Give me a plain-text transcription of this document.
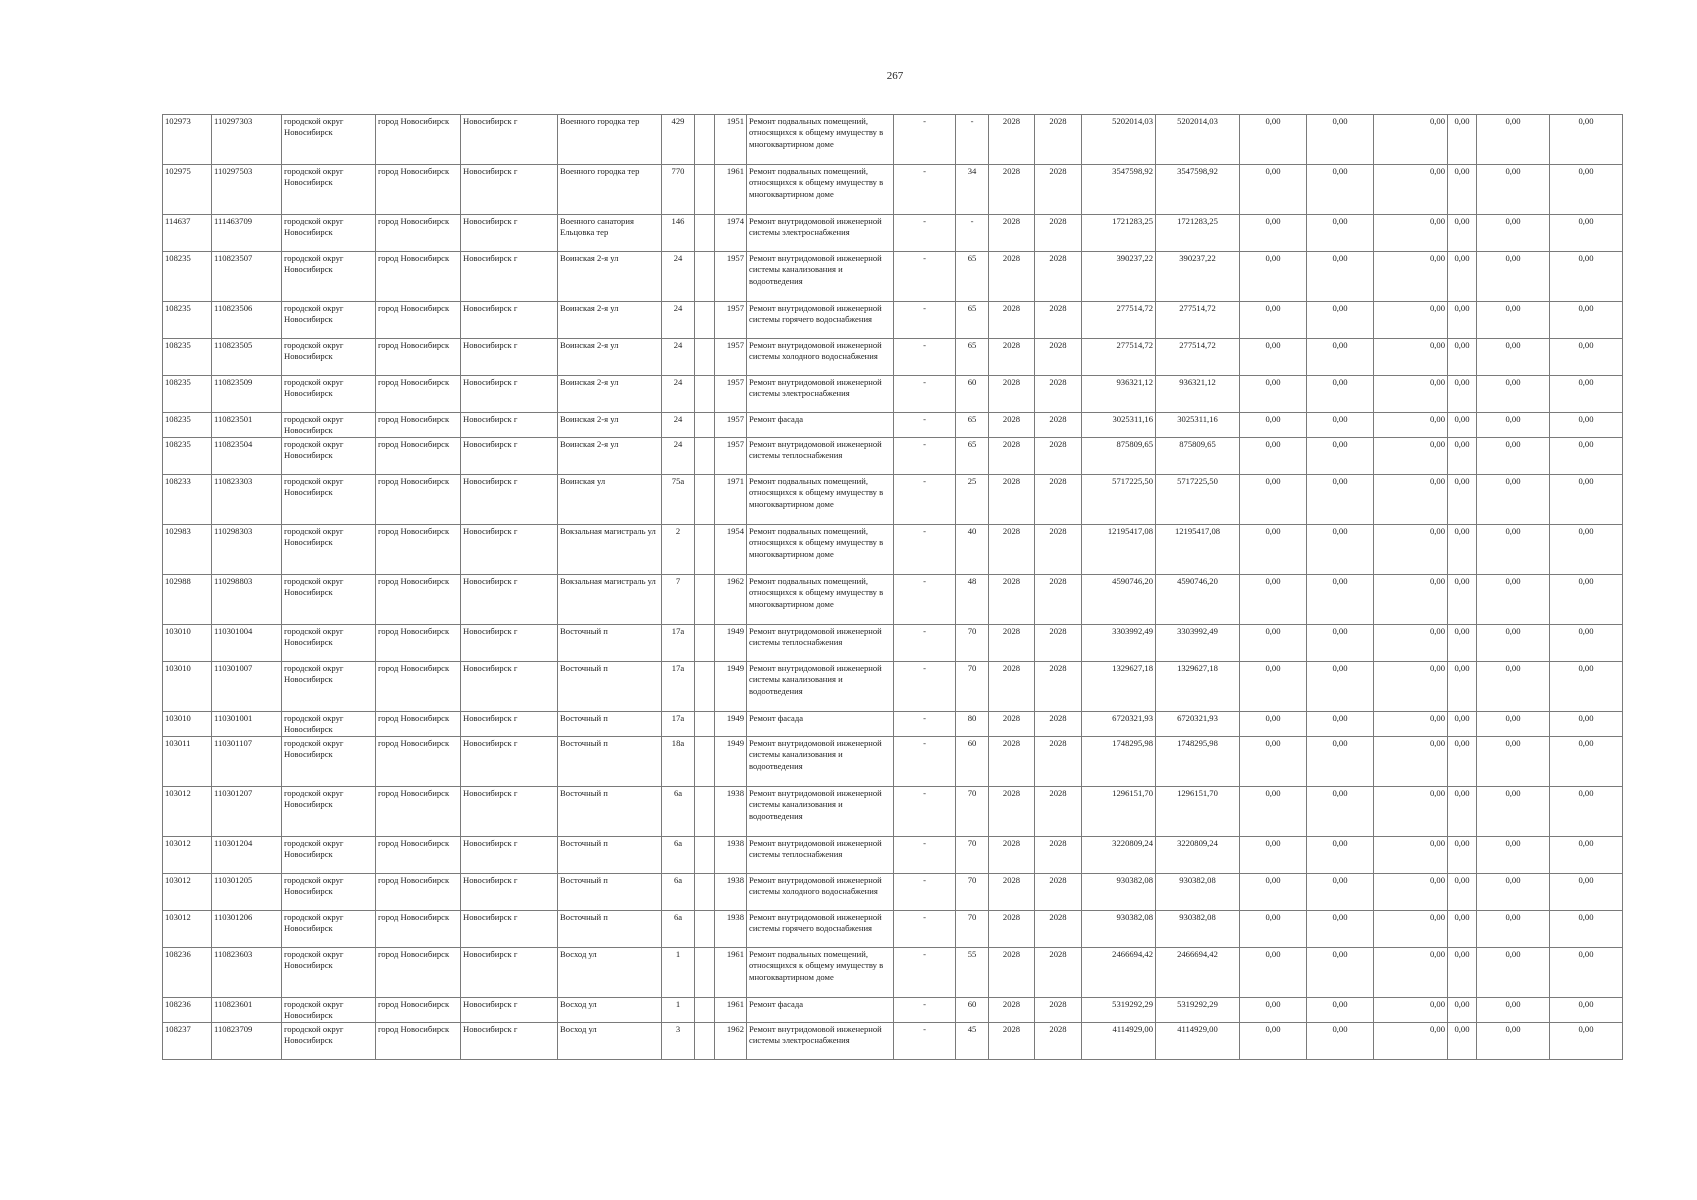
267
102973	110297303	городской округ Новосибирск	город Новосибирск	Новосибирск г	Военного городка тер	429		1951	Ремонт подвальных помещений, относящихся к общему имуществу в многоквартирном доме	-	-	2028	2028	5202014,03	5202014,03	0,00	0,00	0,00	0,00	0,00	0,00
102975	110297503	городской округ Новосибирск	город Новосибирск	Новосибирск г	Военного городка тер	770		1961	Ремонт подвальных помещений, относящихся к общему имуществу в многоквартирном доме	-	34	2028	2028	3547598,92	3547598,92	0,00	0,00	0,00	0,00	0,00	0,00
114637	111463709	городской округ Новосибирск	город Новосибирск	Новосибирск г	Военного санатория Ельцовка тер	146		1974	Ремонт внутридомовой инженерной системы электроснабжения	-	-	2028	2028	1721283,25	1721283,25	0,00	0,00	0,00	0,00	0,00	0,00
108235	110823507	городской округ Новосибирск	город Новосибирск	Новосибирск г	Воинская 2-я ул	24		1957	Ремонт внутридомовой инженерной системы канализования и водоотведения	-	65	2028	2028	390237,22	390237,22	0,00	0,00	0,00	0,00	0,00	0,00
108235	110823506	городской округ Новосибирск	город Новосибирск	Новосибирск г	Воинская 2-я ул	24		1957	Ремонт внутридомовой инженерной системы горячего водоснабжения	-	65	2028	2028	277514,72	277514,72	0,00	0,00	0,00	0,00	0,00	0,00
108235	110823505	городской округ Новосибирск	город Новосибирск	Новосибирск г	Воинская 2-я ул	24		1957	Ремонт внутридомовой инженерной системы холодного водоснабжения	-	65	2028	2028	277514,72	277514,72	0,00	0,00	0,00	0,00	0,00	0,00
108235	110823509	городской округ Новосибирск	город Новосибирск	Новосибирск г	Воинская 2-я ул	24		1957	Ремонт внутридомовой инженерной системы электроснабжения	-	60	2028	2028	936321,12	936321,12	0,00	0,00	0,00	0,00	0,00	0,00
108235	110823501	городской округ Новосибирск	город Новосибирск	Новосибирск г	Воинская 2-я ул	24		1957	Ремонт фасада	-	65	2028	2028	3025311,16	3025311,16	0,00	0,00	0,00	0,00	0,00	0,00
108235	110823504	городской округ Новосибирск	город Новосибирск	Новосибирск г	Воинская 2-я ул	24		1957	Ремонт внутридомовой инженерной системы теплоснабжения	-	65	2028	2028	875809,65	875809,65	0,00	0,00	0,00	0,00	0,00	0,00
108233	110823303	городской округ Новосибирск	город Новосибирск	Новосибирск г	Воинская ул	75а		1971	Ремонт подвальных помещений, относящихся к общему имуществу в многоквартирном доме	-	25	2028	2028	5717225,50	5717225,50	0,00	0,00	0,00	0,00	0,00	0,00
102983	110298303	городской округ Новосибирск	город Новосибирск	Новосибирск г	Вокзальная магистраль ул	2		1954	Ремонт подвальных помещений, относящихся к общему имуществу в многоквартирном доме	-	40	2028	2028	12195417,08	12195417,08	0,00	0,00	0,00	0,00	0,00	0,00
102988	110298803	городской округ Новосибирск	город Новосибирск	Новосибирск г	Вокзальная магистраль ул	7		1962	Ремонт подвальных помещений, относящихся к общему имуществу в многоквартирном доме	-	48	2028	2028	4590746,20	4590746,20	0,00	0,00	0,00	0,00	0,00	0,00
103010	110301004	городской округ Новосибирск	город Новосибирск	Новосибирск г	Восточный п	17а		1949	Ремонт внутридомовой инженерной системы теплоснабжения	-	70	2028	2028	3303992,49	3303992,49	0,00	0,00	0,00	0,00	0,00	0,00
103010	110301007	городской округ Новосибирск	город Новосибирск	Новосибирск г	Восточный п	17а		1949	Ремонт внутридомовой инженерной системы канализования и водоотведения	-	70	2028	2028	1329627,18	1329627,18	0,00	0,00	0,00	0,00	0,00	0,00
103010	110301001	городской округ Новосибирск	город Новосибирск	Новосибирск г	Восточный п	17а		1949	Ремонт фасада	-	80	2028	2028	6720321,93	6720321,93	0,00	0,00	0,00	0,00	0,00	0,00
103011	110301107	городской округ Новосибирск	город Новосибирск	Новосибирск г	Восточный п	18а		1949	Ремонт внутридомовой инженерной системы канализования и водоотведения	-	60	2028	2028	1748295,98	1748295,98	0,00	0,00	0,00	0,00	0,00	0,00
103012	110301207	городской округ Новосибирск	город Новосибирск	Новосибирск г	Восточный п	6а		1938	Ремонт внутридомовой инженерной системы канализования и водоотведения	-	70	2028	2028	1296151,70	1296151,70	0,00	0,00	0,00	0,00	0,00	0,00
103012	110301204	городской округ Новосибирск	город Новосибирск	Новосибирск г	Восточный п	6а		1938	Ремонт внутридомовой инженерной системы теплоснабжения	-	70	2028	2028	3220809,24	3220809,24	0,00	0,00	0,00	0,00	0,00	0,00
103012	110301205	городской округ Новосибирск	город Новосибирск	Новосибирск г	Восточный п	6а		1938	Ремонт внутридомовой инженерной системы холодного водоснабжения	-	70	2028	2028	930382,08	930382,08	0,00	0,00	0,00	0,00	0,00	0,00
103012	110301206	городской округ Новосибирск	город Новосибирск	Новосибирск г	Восточный п	6а		1938	Ремонт внутридомовой инженерной системы горячего водоснабжения	-	70	2028	2028	930382,08	930382,08	0,00	0,00	0,00	0,00	0,00	0,00
108236	110823603	городской округ Новосибирск	город Новосибирск	Новосибирск г	Восход ул	1		1961	Ремонт подвальных помещений, относящихся к общему имуществу в многоквартирном доме	-	55	2028	2028	2466694,42	2466694,42	0,00	0,00	0,00	0,00	0,00	0,00
108236	110823601	городской округ Новосибирск	город Новосибирск	Новосибирск г	Восход ул	1		1961	Ремонт фасада	-	60	2028	2028	5319292,29	5319292,29	0,00	0,00	0,00	0,00	0,00	0,00
108237	110823709	городской округ Новосибирск	город Новосибирск	Новосибирск г	Восход ул	3		1962	Ремонт внутридомовой инженерной системы электроснабжения	-	45	2028	2028	4114929,00	4114929,00	0,00	0,00	0,00	0,00	0,00	0,00
